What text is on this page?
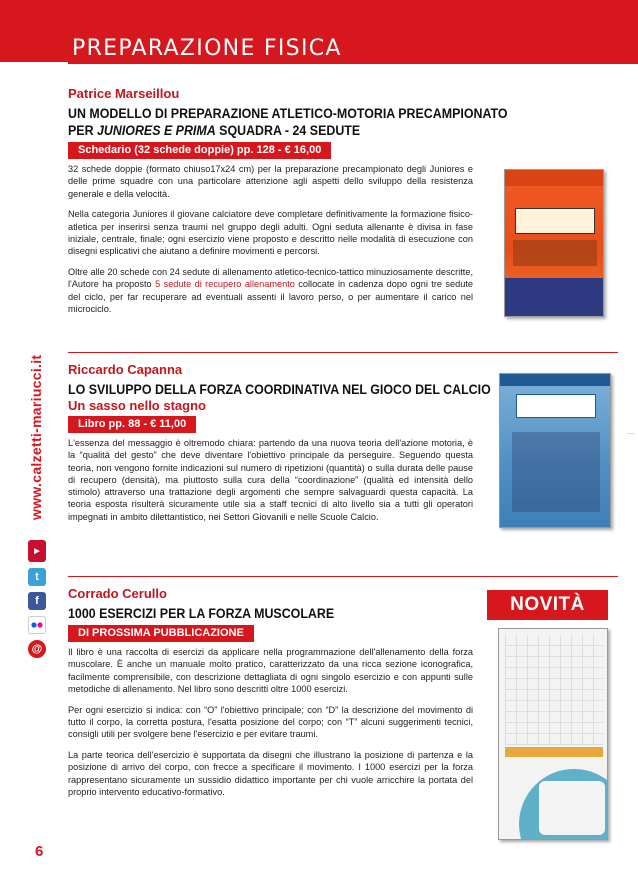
PREPARAZIONE FISICA
www.calzetti-mariucci.it
▶
t
f
@
Patrice Marseillou
UN MODELLO DI PREPARAZIONE ATLETICO-MOTORIA PRECAMPIONATO
PER JUNIORES E PRIMA SQUADRA - 24 SEDUTE
Schedario (32 schede doppie) pp. 128 - € 16,00

32 schede doppie (formato chiuso17x24 cm) per la preparazione precampionato degli Juniores e delle prime squadre con una particolare attenzione agli aspetti dello sviluppo della resistenza generale e della velocità.

Nella categoria Juniores il giovane calciatore deve completare definitivamente la formazione fisico-atletica per inserirsi senza traumi nel gruppo degli adulti. Ogni seduta allenante è divisa in fase iniziale, centrale, finale; ogni esercizio viene proposto e descritto nelle modalità di esecuzione con disegni esplicativi che aiutano a definire movimenti e percorsi.

Oltre alle 20 schede con 24 sedute di allenamento atletico-tecnico-tattico minuziosamente descritte, l'Autore ha proposto 5 sedute di recupero allenamento collocate in cadenza dopo ogni tre sedute del ciclo, per far recuperare ad eventuali assenti il lavoro perso, o per aumentare il carico nel microciclo.

Riccardo Capanna
LO SVILUPPO DELLA FORZA COORDINATIVA NEL GIOCO DEL CALCIO
Un sasso nello stagno
Libro pp. 88 - € 11,00

L'essenza del messaggio è oltremodo chiara: partendo da una nuova teoria dell'azione motoria, è la “qualità del gesto” che deve diventare l'obiettivo principale da perseguire. Seguendo questa teoria, non vengono fornite indicazioni sul numero di ripetizioni (quantità) o sulla durata delle pause di recupero (densità), ma piuttosto sulla cura della “coordinazione” (qualità ed intensità dello stimolo) attraverso una trattazione degli argomenti che sempre salvaguardi questa capacità. La teoria esposta risulterà sicuramente utile sia a staff tecnici di alto livello sia a tutti gli operatori impegnati in ambito dilettantistico, nei Settori Giovanili e nelle Scuole Calcio.

...
Corrado Cerullo
1000 ESERCIZI PER LA FORZA MUSCOLARE
DI PROSSIMA PUBBLICAZIONE

Il libro è una raccolta di esercizi da applicare nella programmazione dell'allenamento della forza muscolare. È anche un manuale molto pratico, caratterizzato da una ricca sezione iconografica, facilmente comprensibile, con descrizione dettagliata di ogni singolo esercizio e con appunti sulle metodiche di allenamento. Nel libro sono descritti oltre 1000 esercizi.

Per ogni esercizio si indica: con “O” l'obiettivo principale; con “D” la descrizione del movimento di tutto il corpo, la corretta postura, l'esatta posizione del corpo; con “T” alcuni suggerimenti tecnici, consigli utili per svolgere bene l'esercizio e per evitare traumi.

La parte teorica dell'esercizio è supportata da disegni che illustrano la posizione di partenza e la posizione di arrivo del corpo, con frecce a specificare il movimento. I 1000 esercizi per la forza rappresentano sicuramente un sussidio didattico importante per chi vuole arricchire la portata del proprio intervento educativo-formativo.

NOVITÀ
6
